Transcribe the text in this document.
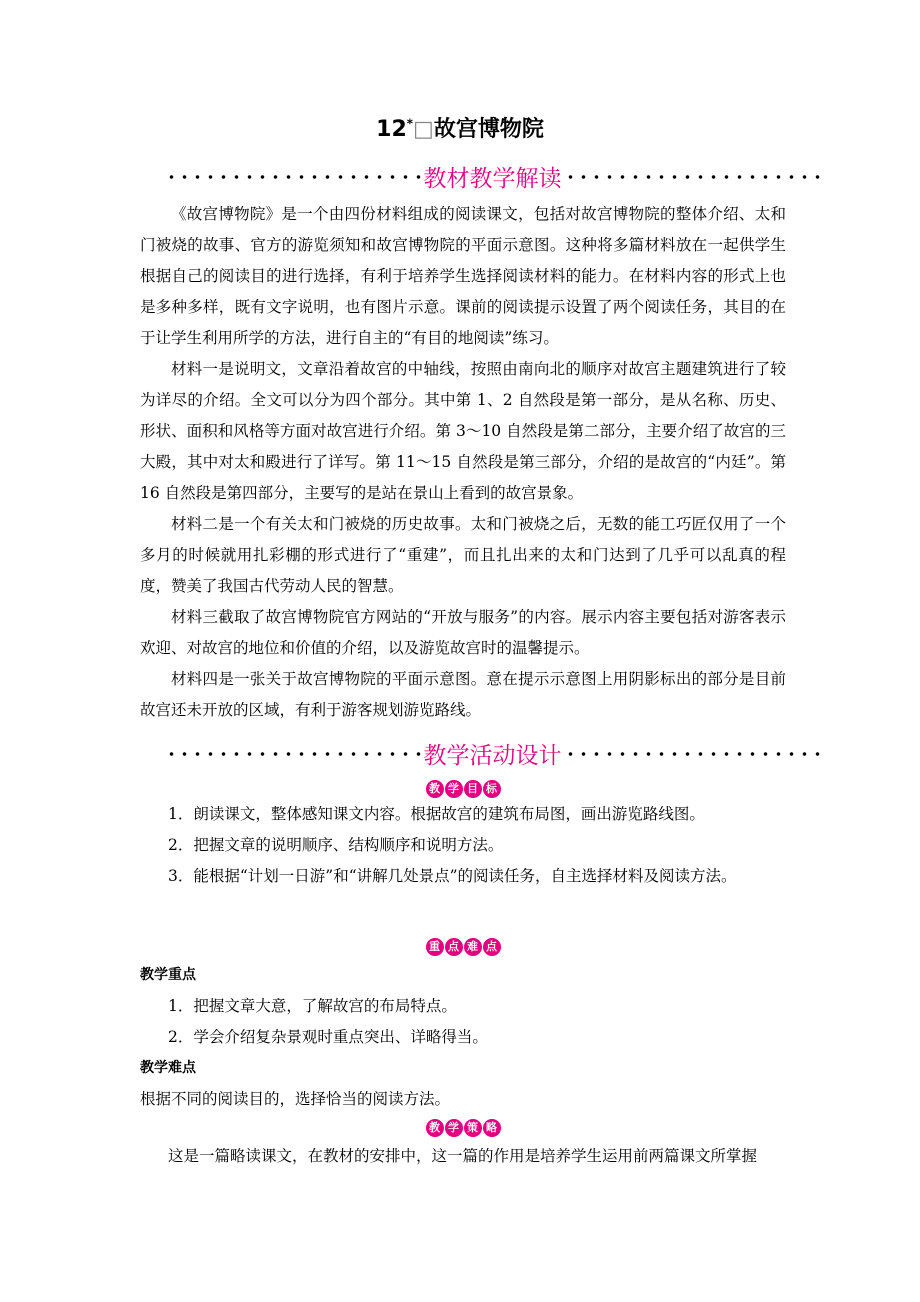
12*□故宫博物院
教材教学解读

《故宫博物院》是一个由四份材料组成的阅读课文，包括对故宫博物院的整体介绍、太和门被烧的故事、官方的游览须知和故宫博物院的平面示意图。这种将多篇材料放在一起供学生根据自己的阅读目的进行选择，有利于培养学生选择阅读材料的能力。在材料内容的形式上也是多种多样，既有文字说明，也有图片示意。课前的阅读提示设置了两个阅读任务，其目的在于让学生利用所学的方法，进行自主的“有目的地阅读”练习。

材料一是说明文，文章沿着故宫的中轴线，按照由南向北的顺序对故宫主题建筑进行了较为详尽的介绍。全文可以分为四个部分。其中第 1、2 自然段是第一部分，是从名称、历史、形状、面积和风格等方面对故宫进行介绍。第 3～10 自然段是第二部分，主要介绍了故宫的三大殿，其中对太和殿进行了详写。第 11～15 自然段是第三部分，介绍的是故宫的“内廷”。第 16 自然段是第四部分，主要写的是站在景山上看到的故宫景象。

材料二是一个有关太和门被烧的历史故事。太和门被烧之后，无数的能工巧匠仅用了一个多月的时候就用扎彩棚的形式进行了“重建”，而且扎出来的太和门达到了几乎可以乱真的程度，赞美了我国古代劳动人民的智慧。

材料三截取了故宫博物院官方网站的“开放与服务”的内容。展示内容主要包括对游客表示欢迎、对故宫的地位和价值的介绍，以及游览故宫时的温馨提示。

材料四是一张关于故宫博物院的平面示意图。意在提示示意图上用阴影标出的部分是目前故宫还未开放的区域，有利于游客规划游览路线。

教学活动设计
教 学 目 标

1．朗读课文，整体感知课文内容。根据故宫的建筑布局图，画出游览路线图。

2．把握文章的说明顺序、结构顺序和说明方法。

3．能根据“计划一日游”和“讲解几处景点”的阅读任务，自主选择材料及阅读方法。

重 点 难 点

教学重点

1．把握文章大意，了解故宫的布局特点。

2．学会介绍复杂景观时重点突出、详略得当。

教学难点

根据不同的阅读目的，选择恰当的阅读方法。

教 学 策 略

这是一篇略读课文，在教材的安排中，这一篇的作用是培养学生运用前两篇课文所掌握
